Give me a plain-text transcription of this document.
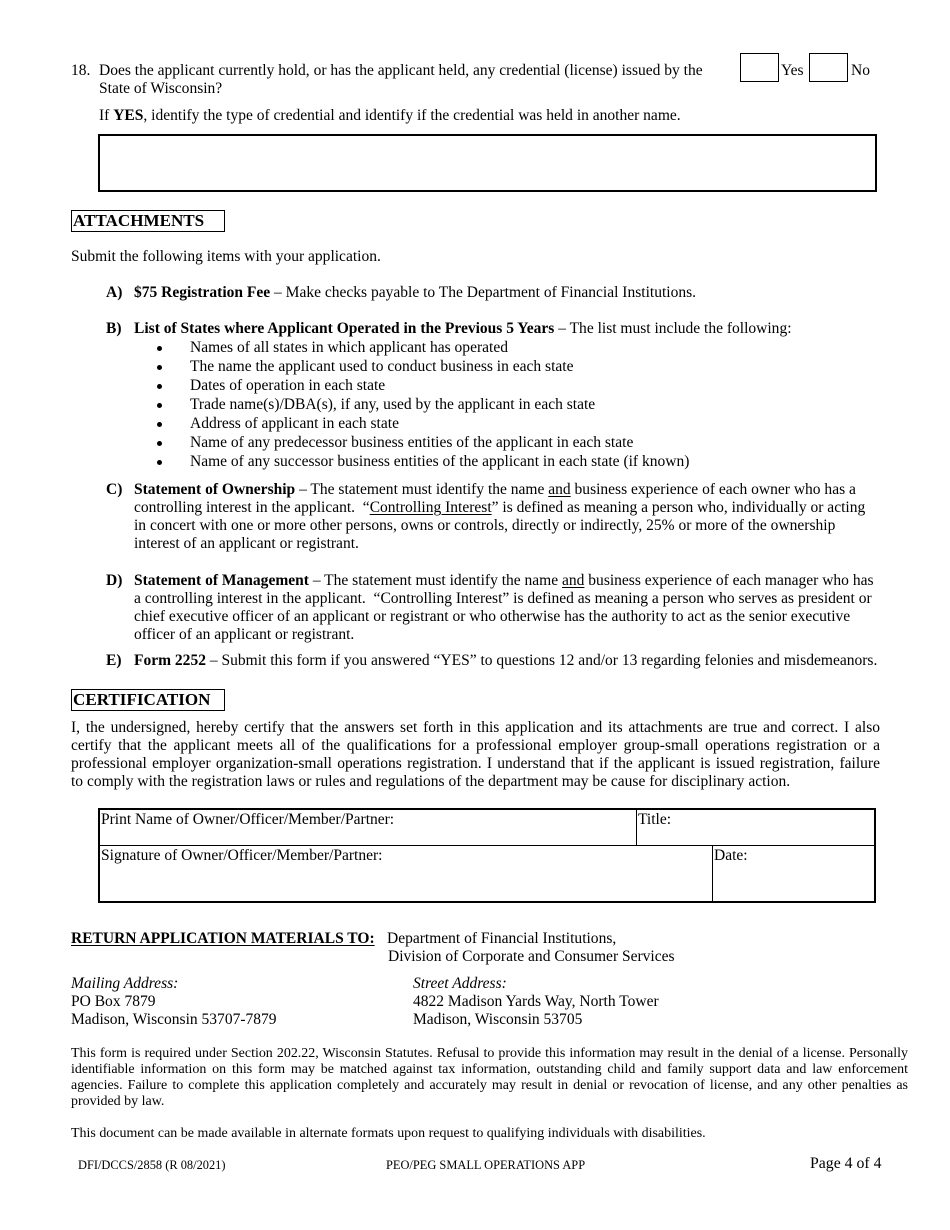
18. Does the applicant currently hold, or has the applicant held, any credential (license) issued by the State of Wisconsin?
Yes	No
If YES, identify the type of credential and identify if the credential was held in another name.
ATTACHMENTS
Submit the following items with your application.
A) $75 Registration Fee – Make checks payable to The Department of Financial Institutions.
B) List of States where Applicant Operated in the Previous 5 Years – The list must include the following:
Names of all states in which applicant has operated
The name the applicant used to conduct business in each state
Dates of operation in each state
Trade name(s)/DBA(s), if any, used by the applicant in each state
Address of applicant in each state
Name of any predecessor business entities of the applicant in each state
Name of any successor business entities of the applicant in each state (if known)
C) Statement of Ownership – The statement must identify the name and business experience of each owner who has a
controlling interest in the applicant.  “Controlling Interest” is defined as meaning a person who, individually or acting
in concert with one or more other persons, owns or controls, directly or indirectly, 25% or more of the ownership
interest of an applicant or registrant.
D) Statement of Management – The statement must identify the name and business experience of each manager who has
a controlling interest in the applicant.  “Controlling Interest” is defined as meaning a person who serves as president or
chief executive officer of an applicant or registrant or who otherwise has the authority to act as the senior executive
officer of an applicant or registrant.
E) Form 2252 – Submit this form if you answered “YES” to questions 12 and/or 13 regarding felonies and misdemeanors.
CERTIFICATION
I, the undersigned, hereby certify that the answers set forth in this application and its attachments are true and correct. I also
certify that the applicant meets all of the qualifications for a professional employer group-small operations registration or a
professional employer organization-small operations registration. I understand that if the applicant is issued registration, failure
to comply with the registration laws or rules and regulations of the department may be cause for disciplinary action.
Print Name of Owner/Officer/Member/Partner:	Title:
Signature of Owner/Officer/Member/Partner:	Date:
RETURN APPLICATION MATERIALS TO: Department of Financial Institutions,
Division of Corporate and Consumer Services
Mailing Address:
PO Box 7879
Madison, Wisconsin 53707-7879
Street Address:
4822 Madison Yards Way, North Tower
Madison, Wisconsin 53705
This form is required under Section 202.22, Wisconsin Statutes. Refusal to provide this information may result in the denial of a license. Personally
identifiable information on this form may be matched against tax information, outstanding child and family support data and law enforcement
agencies. Failure to complete this application completely and accurately may result in denial or revocation of license, and any other penalties as
provided by law.
This document can be made available in alternate formats upon request to qualifying individuals with disabilities.
DFI/DCCS/2858 (R 08/2021)	PEO/PEG SMALL OPERATIONS APP	Page 4 of 4
